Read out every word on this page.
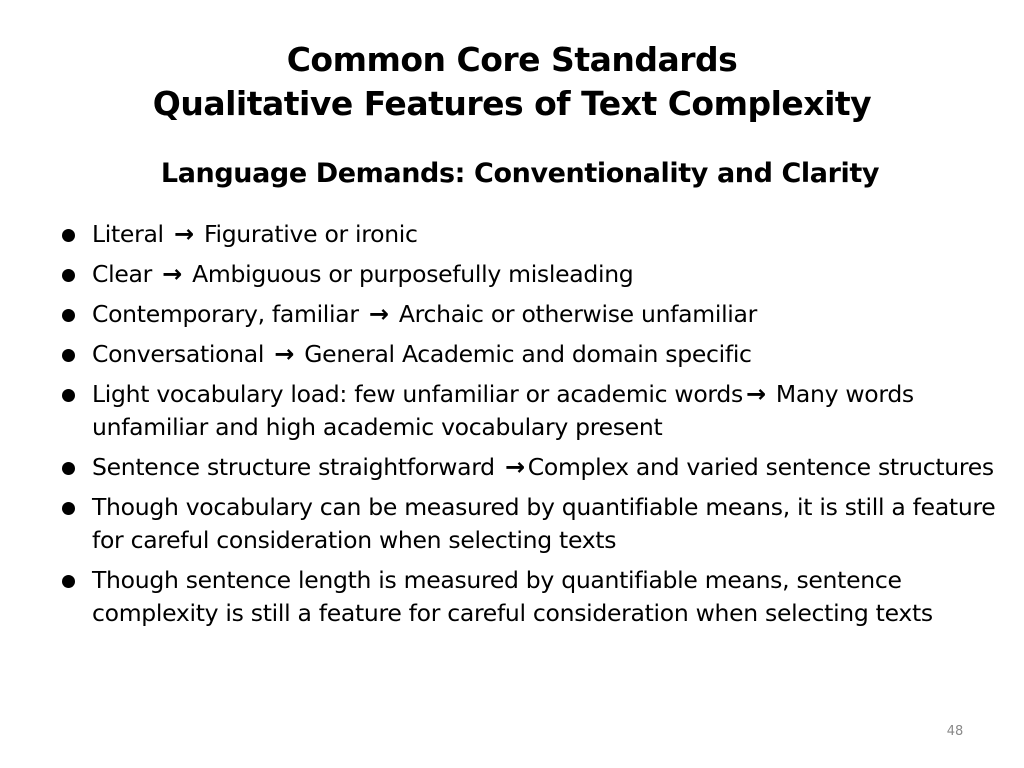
Common Core Standards
Qualitative Features of Text Complexity
Language Demands: Conventionality and Clarity
Literal → Figurative or ironic
Clear → Ambiguous or purposefully misleading
Contemporary, familiar → Archaic or otherwise unfamiliar
Conversational → General Academic and domain specific
Light vocabulary load: few unfamiliar or academic words → Many words unfamiliar and high academic vocabulary present
Sentence structure straightforward → Complex and varied sentence structures
Though vocabulary can be measured by quantifiable means, it is still a feature for careful consideration when selecting texts
Though sentence length is measured by quantifiable means, sentence complexity is still a feature for careful consideration when selecting texts
48
